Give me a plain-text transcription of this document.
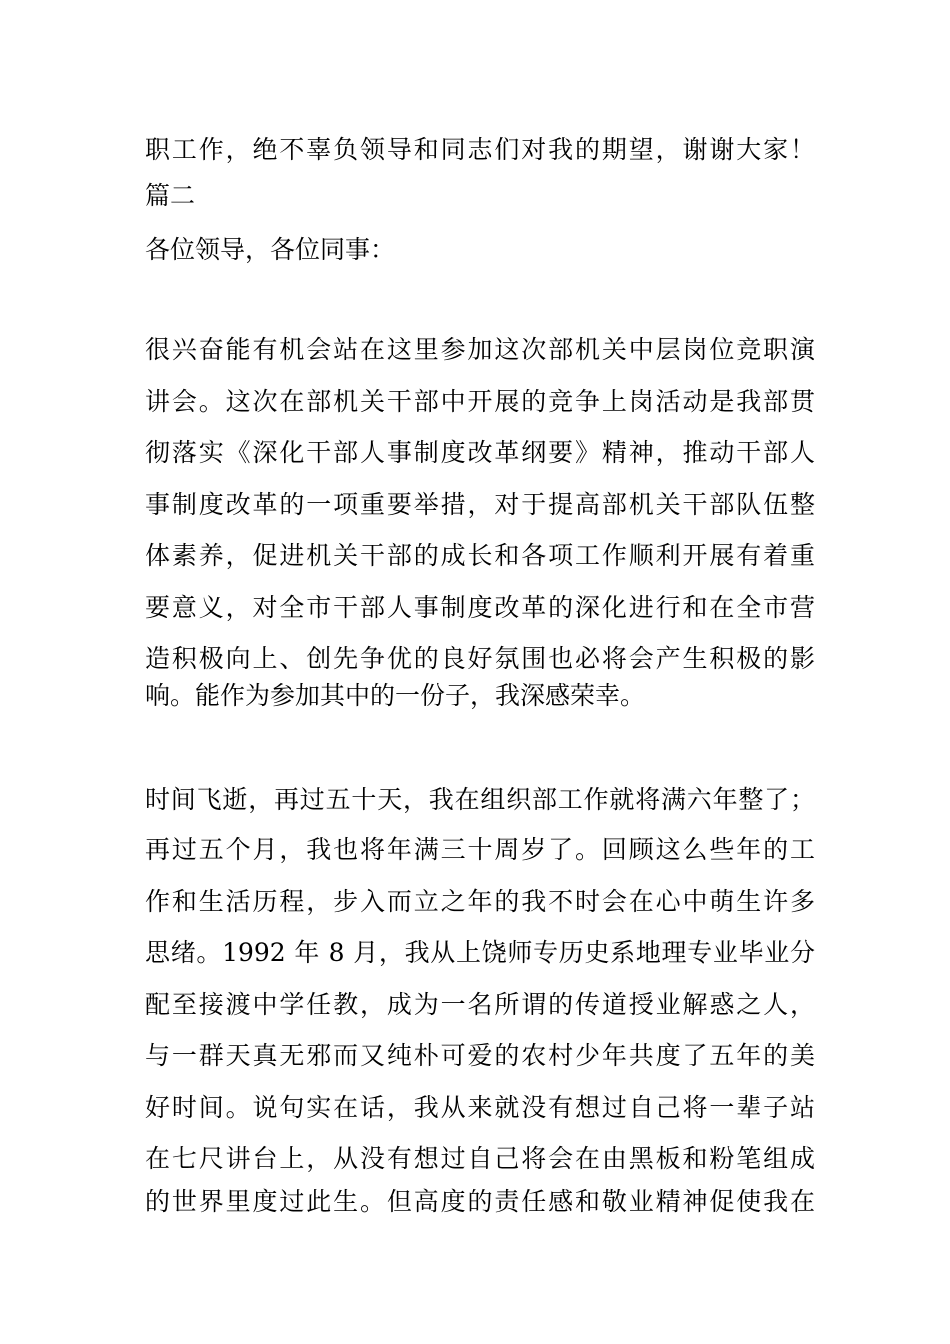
职工作，绝不辜负领导和同志们对我的期望，谢谢大家！
篇二
各位领导，各位同事：
很兴奋能有机会站在这里参加这次部机关中层岗位竞职演
讲会。这次在部机关干部中开展的竞争上岗活动是我部贯
彻落实《深化干部人事制度改革纲要》精神，推动干部人
事制度改革的一项重要举措，对于提高部机关干部队伍整
体素养，促进机关干部的成长和各项工作顺利开展有着重
要意义，对全市干部人事制度改革的深化进行和在全市营
造积极向上、创先争优的良好氛围也必将会产生积极的影
响。能作为参加其中的一份子，我深感荣幸。
时间飞逝，再过五十天，我在组织部工作就将满六年整了；
再过五个月，我也将年满三十周岁了。回顾这么些年的工
作和生活历程，步入而立之年的我不时会在心中萌生许多
思绪。1992 年 8 月，我从上饶师专历史系地理专业毕业分
配至接渡中学任教，成为一名所谓的传道授业解惑之人，
与一群天真无邪而又纯朴可爱的农村少年共度了五年的美
好时间。说句实在话，我从来就没有想过自己将一辈子站
在七尺讲台上，从没有想过自己将会在由黑板和粉笔组成
的世界里度过此生。但高度的责任感和敬业精神促使我在
